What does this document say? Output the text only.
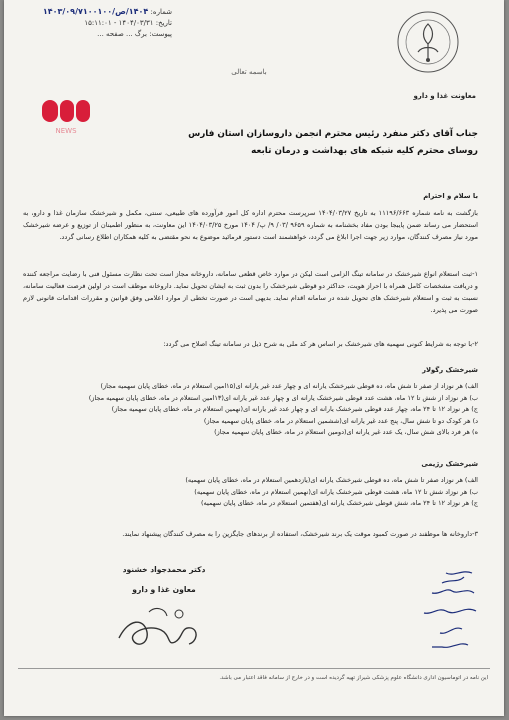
شماره: ۱۴۰۴/ص/۱۴۰۳/۰۹/۷۱۰۰۱۰۰
تاریخ: ۱۴۰۴/۰۳/۳۱ - ۱۵:۱۱:۰۱
پیوست: برگ ... صفحه ...
باسمه تعالی
معاونت غذا و دارو
NEWS	جناب آقای دکتر منفرد رئیس محترم انجمن داروسازان استان فارس
روسای محترم کلیه شبکه های بهداشت و درمان تابعه
با سلام و احترام
بازگشت به نامه شماره ۱۱۱۹۶/۶۶۳ به تاریخ ۱۴۰۴/۰۳/۲۷ سرپرست محترم اداره کل امور فرآورده های طبیعی، سنتی، مکمل و شیرخشک سازمان غذا و دارو، به استحضار می رساند ضمن پایبجا بودن مفاد بخشنامه به شماره ۹۶۵۹ /۰۳/ ۹/ پ/ ۱۴۰۴ مورخ ۱۴۰۴/۰۳/۲۵ این معاونت، به منظور اطمینان از توزیع و عرضه شیرخشک مورد نیاز مصرف کنندگان، موارد زیر جهت اجرا ابلاغ می گردد، خواهشمند است دستور فرمائید موضوع به نحو مقتضی به کلیه همکاران اطلاع رسانی گردد.
۱-ثبت استعلام انواع شیرخشک در سامانه تینگ الزامی است لیکن در موارد خاص قطعی سامانه، داروخانه مجاز است تحت نظارت مسئول فنی با رضایت مراجعه کننده و دریافت مشخصات کامل همراه با احراز هویت، حداکثر دو قوطی شیرخشک را بدون ثبت به ایشان تحویل نماید. داروخانه موظف است در اولین فرصت فعالیت سامانه، نسبت به ثبت و استعلام شیرخشک های تحویل شده در سامانه اقدام نماید. بدیهی است در صورت تخطی از موارد اعلامی وفق قوانین و مقررات اقدامات قانونی لازم صورت می پذیرد.
۲-با توجه به شرایط کنونی سهمیه های شیرخشک بر اساس هر کد ملی به شرح ذیل در سامانه تینگ اصلاح می گردد:
شیرخشک رگولار
الف) هر نوزاد از صفر تا شش ماه، ده قوطی شیرخشک یارانه ای و چهار عدد غیر یارانه ای(۱۵امین استعلام در ماه، خطای پایان سهمیه مجاز)
ب) هر نوزاد از شش تا ۱۲ ماه، هشت عدد قوطی شیرخشک یارانه ای و چهار عدد غیر یارانه ای(۱۳امین استعلام در ماه، خطای پایان سهمیه مجاز)
ج) هر نوزاد ۱۲ تا ۲۴ ماه، چهار عدد قوطی شیرخشک یارانه ای و چهار عدد غیر یارانه ای(نهمین استعلام در ماه، خطای پایان سهمیه مجاز)
د) هر کودک دو تا شش سال، پنج عدد غیر یارانه ای(ششمین استعلام در ماه، خطای پایان سهمیه مجاز)
ه) هر فرد بالای شش سال، یک عدد غیر یارانه ای(دومین استعلام در ماه، خطای پایان سهمیه مجاز)
شیرخشک رژیمی
الف) هر نوزاد صفر تا شش ماه، ده قوطی شیرخشک یارانه ای(یازدهمین استعلام در ماه، خطای پایان سهمیه)
ب) هر نوزاد شش تا ۱۲ ماه، هشت قوطی شیرخشک یارانه ای(نهمین استعلام در ماه، خطای پایان سهمیه)
ج) هر نوزاد ۱۲ تا ۲۴ ماه، شش قوطی شیرخشک یارانه ای(هفتمین استعلام در ماه، خطای پایان سهمیه)
۳-داروخانه ها موظفند در صورت کمبود موقت یک برند شیرخشک، استفاده از برندهای جایگزین را به مصرف کنندگان پیشنهاد نمایند.
دکتر محمدجواد خشنود
معاون غذا و دارو
این نامه در اتوماسیون اداری دانشگاه علوم پزشکی شیراز تهیه گردیده است و در خارج از سامانه فاقد اعتبار می باشد.
